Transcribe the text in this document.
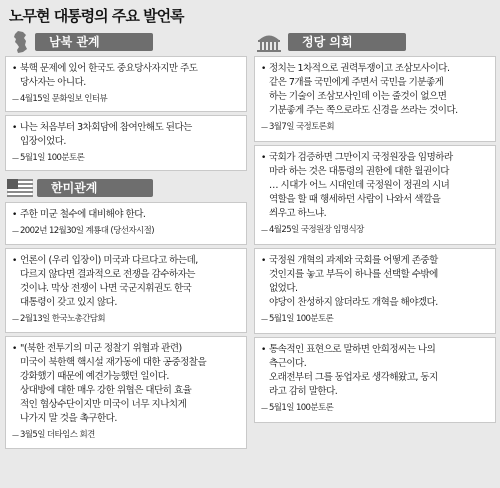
노무현 대통령의 주요 발언록
남북 관계
• 북핵 문제에 있어 한국도 중요당사자지만 주도
당사자는 아니다.
— 4월15일 문화일보 인터뷰
• 나는 처음부터 3차회담에 참여안해도 된다는
입장이었다.
— 5월1일 100분토론
한미관계
• 주한 미군 철수에 대비해야 한다.
— 2002년 12월30일 계룡대 (당선자시절)
• 언론이 (우리 입장이) 미국과 다르다고 하는데,
다르지 않다면 결과적으로 전쟁을 감수하자는
것이냐. 막상 전쟁이 나면 국군지휘권도 한국
대통령이 갖고 있지 않다.
— 2월13일 한국노총간담회
• "(북한 전투기의 미군 정찰기 위협과 관련)
미국이 북한핵 핵시설 재가동에 대한 공중정찰을
강화했기 때문에 예견가능했던 일이다.
상대방에 대한 매우 강한 위협은 대단히 효율
적인 협상수단이지만 미국이 너무 지나치게
나가지 말 것을 촉구한다.
— 3월5일 더타임스 회견
정당 의회
• 정치는 1차적으로 권력투쟁이고 조삼모사이다.
같은 7개를 국민에게 주면서 국민을 기분좋게
하는 기술이 조삼모사인데 이는 줄것이 없으면
기분좋게 주는 쪽으로라도 신경을 쓰라는 것이다.
— 3월7일 국정토론회
• 국회가 검증하면 그만이지 국정원장을 임명하라
마라 하는 것은 대통령의 권한에 대한 월권이다
… 시대가 어느 시대인데 국정원이 정권의 시녀
역할을 할 때 행세하던 사람이 나와서 색깔을
씌우고 하느냐.
— 4월25일 국정원장 임명식장
• 국정원 개혁의 과제와 국회를 어떻게 존중할
것인지를 놓고 부득이 하나를 선택할 수밖에
없었다.
야당이 찬성하지 않더라도 개혁을 해야겠다.
— 5월1일 100분토론
• 통속적인 표현으로 말하면 안희정씨는 나의
측근이다.
오래전부터 그를 동업자로 생각해왔고, 동지
라고 감히 말한다.
— 5월1일 100분토론
